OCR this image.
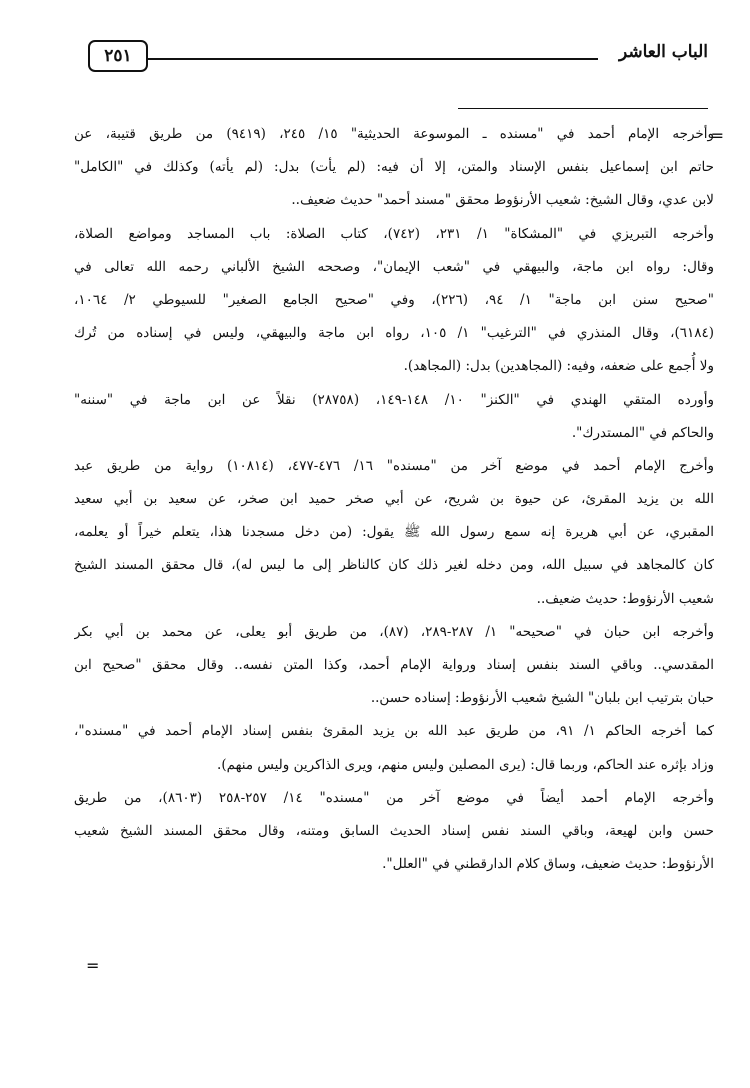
الباب العاشر
٢٥١
=
وأخرجه الإمام أحمد في "مسنده ـ الموسوعة الحديثية" ١٥/ ٢٤٥، (٩٤١٩) من طريق قتيبة، عن
حاتم ابن إسماعيل بنفس الإسناد والمتن، إلا أن فيه: (لم يأت) بدل: (لم يأته) وكذلك في "الكامل"
لابن عدي، وقال الشيخ: شعيب الأرنؤوط محقق "مسند أحمد" حديث ضعيف..
وأخرجه التبريزي في "المشكاة" ١/ ٢٣١، (٧٤٢)، كتاب الصلاة: باب المساجد ومواضع الصلاة،
وقال: رواه ابن ماجة، والبيهقي في "شعب الإيمان"، وصححه الشيخ الألباني رحمه الله تعالى في
"صحيح سنن ابن ماجة" ١/ ٩٤، (٢٢٦)، وفي "صحيح الجامع الصغير" للسيوطي ٢/ ١٠٦٤،
(٦١٨٤)، وقال المنذري في "الترغيب" ١/ ١٠٥، رواه ابن ماجة والبيهقي، وليس في إسناده من تُرك
ولا أُجمع على ضعفه، وفيه: (المجاهدين) بدل: (المجاهد).
وأورده المتقي الهندي في "الكنز" ١٠/ ١٤٨-١٤٩، (٢٨٧٥٨) نقلاً عن ابن ماجة في "سننه"
والحاكم في "المستدرك".
وأخرج الإمام أحمد في موضع آخر من "مسنده" ١٦/ ٤٧٦-٤٧٧، (١٠٨١٤) رواية من طريق عبد
الله بن يزيد المقرئ، عن حيوة بن شريح، عن أبي صخر حميد ابن صخر، عن سعيد بن أبي سعيد
المقبري، عن أبي هريرة إنه سمع رسول الله ﷺ يقول: (من دخل مسجدنا هذا، يتعلم خيراً أو يعلمه،
كان كالمجاهد في سبيل الله، ومن دخله لغير ذلك كان كالناظر إلى ما ليس له)، قال محقق المسند الشيخ
شعيب الأرنؤوط: حديث ضعيف..
وأخرجه ابن حبان في "صحيحه" ١/ ٢٨٧-٢٨٩، (٨٧)، من طريق أبو يعلى، عن محمد بن أبي بكر
المقدسي.. وباقي السند بنفس إسناد ورواية الإمام أحمد، وكذا المتن نفسه.. وقال محقق "صحيح ابن
حبان بترتيب ابن بلبان" الشيخ شعيب الأرنؤوط: إسناده حسن..
كما أخرجه الحاكم ١/ ٩١، من طريق عبد الله بن يزيد المقرئ بنفس إسناد الإمام أحمد في "مسنده"،
وزاد بإثره عند الحاكم، وربما قال: (يرى المصلين وليس منهم، ويرى الذاكرين وليس منهم).
وأخرجه الإمام أحمد أيضاً في موضع آخر من "مسنده" ١٤/ ٢٥٧-٢٥٨ (٨٦٠٣)، من طريق
حسن وابن لهيعة، وباقي السند نفس إسناد الحديث السابق ومتنه، وقال محقق المسند الشيخ شعيب
الأرنؤوط: حديث ضعيف، وساق كلام الدارقطني في "العلل".
=
